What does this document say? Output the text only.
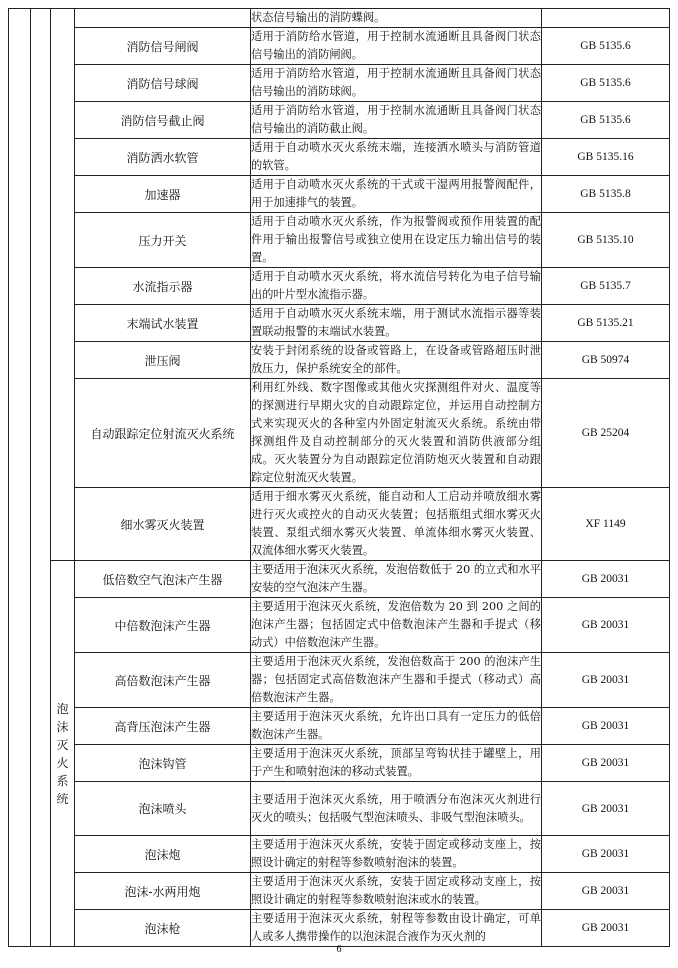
				状态信号输出的消防蝶阀。	
			消防信号闸阀	适用于消防给水管道，用于控制水流通断且具备阀门状态信号输出的消防闸阀。	GB 5135.6
			消防信号球阀	适用于消防给水管道，用于控制水流通断且具备阀门状态信号输出的消防球阀。	GB 5135.6
			消防信号截止阀	适用于消防给水管道，用于控制水流通断且具备阀门状态信号输出的消防截止阀。	GB 5135.6
			消防洒水软管	适用于自动喷水灭火系统末端，连接洒水喷头与消防管道的软管。	GB 5135.16
			加速器	适用于自动喷水灭火系统的干式或干湿两用报警阀配件，用于加速排气的装置。	GB 5135.8
			压力开关	适用于自动喷水灭火系统，作为报警阀或预作用装置的配件用于输出报警信号或独立使用在设定压力输出信号的装置。	GB 5135.10
			水流指示器	适用于自动喷水灭火系统，将水流信号转化为电子信号输出的叶片型水流指示器。	GB 5135.7
			末端试水装置	适用于自动喷水灭火系统末端，用于测试水流指示器等装置联动报警的末端试水装置。	GB 5135.21
			泄压阀	安装于封闭系统的设备或管路上，在设备或管路超压时泄放压力，保护系统安全的部件。	GB 50974
			自动跟踪定位射流灭火系统	利用红外线、数字图像或其他火灾探测组件对火、温度等的探测进行早期火灾的自动跟踪定位，并运用自动控制方式来实现灭火的各种室内外固定射流灭火系统。系统由带探测组件及自动控制部分的灭火装置和消防供液部分组成。灭火装置分为自动跟踪定位消防炮灭火装置和自动跟踪定位射流灭火装置。	GB 25204
			细水雾灭火装置	适用于细水雾灭火系统，能自动和人工启动并喷放细水雾进行灭火或控火的自动灭火装置；包括瓶组式细水雾灭火装置、泵组式细水雾灭火装置、单流体细水雾灭火装置、双流体细水雾灭火装置。	XF 1149

		泡沫灭火系统	低倍数空气泡沫产生器	主要适用于泡沫灭火系统，发泡倍数低于 20 的立式和水平安装的空气泡沫产生器。	GB 20031
			中倍数泡沫产生器	主要适用于泡沫灭火系统，发泡倍数为 20 到 200 之间的泡沫产生器；包括固定式中倍数泡沫产生器和手提式（移动式）中倍数泡沫产生器。	GB 20031
			高倍数泡沫产生器	主要适用于泡沫灭火系统，发泡倍数高于 200 的泡沫产生器；包括固定式高倍数泡沫产生器和手提式（移动式）高倍数泡沫产生器。	GB 20031
			高背压泡沫产生器	主要适用于泡沫灭火系统，允许出口具有一定压力的低倍数泡沫产生器。	GB 20031
			泡沫钩管	主要适用于泡沫灭火系统，顶部呈弯钩状挂于罐壁上，用于产生和喷射泡沫的移动式装置。	GB 20031
			泡沫喷头	主要适用于泡沫灭火系统，用于喷洒分布泡沫灭火剂进行灭火的喷头；包括吸气型泡沫喷头、非吸气型泡沫喷头。	GB 20031
			泡沫炮	主要适用于泡沫灭火系统，安装于固定或移动支座上，按照设计确定的射程等参数喷射泡沫的装置。	GB 20031
			泡沫-水两用炮	主要适用于泡沫灭火系统，安装于固定或移动支座上，按照设计确定的射程等参数喷射泡沫或水的装置。	GB 20031
			泡沫枪	主要适用于泡沫灭火系统，射程等参数由设计确定，可单人或多人携带操作的以泡沫混合液作为灭火剂的	GB 20031
6
